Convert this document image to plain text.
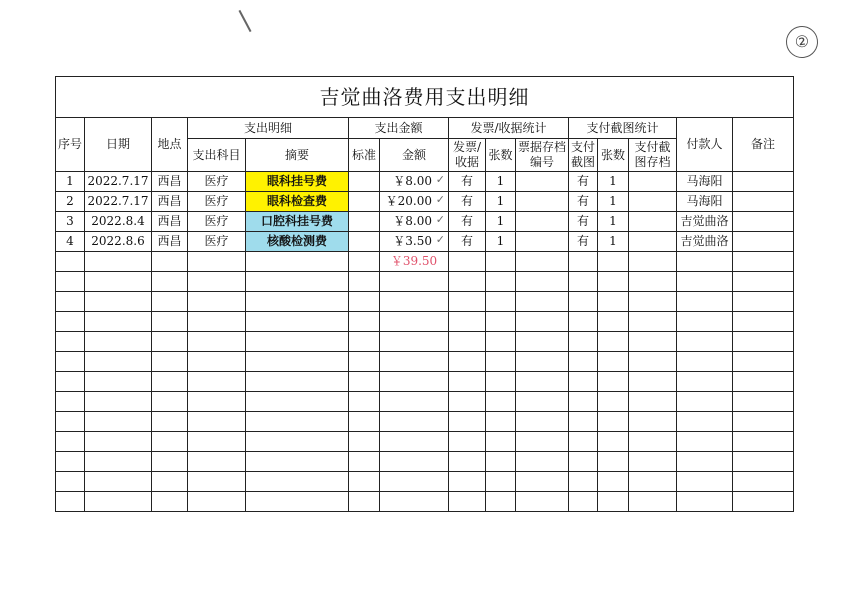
②
吉觉曲洛费用支出明细														
序号	日期	地点	支出明细		支出金额		发票/收据统计			支付截图统计			付款人	备注
			支出科目	摘要	标准	金额	发票/收据	张数	票据存档编号	支付截图	张数	支付截图存档		
1	2022.7.17	西昌	医疗	眼科挂号费		￥8.00 ✓	有	1		有	1		马海阳	
2	2022.7.17	西昌	医疗	眼科检查费		￥20.00 ✓	有	1		有	1		马海阳	
3	2022.8.4	西昌	医疗	口腔科挂号费		￥8.00 ✓	有	1		有	1		吉觉曲洛	
4	2022.8.6	西昌	医疗	核酸检测费		￥3.50 ✓	有	1		有	1		吉觉曲洛	
						￥39.50								
